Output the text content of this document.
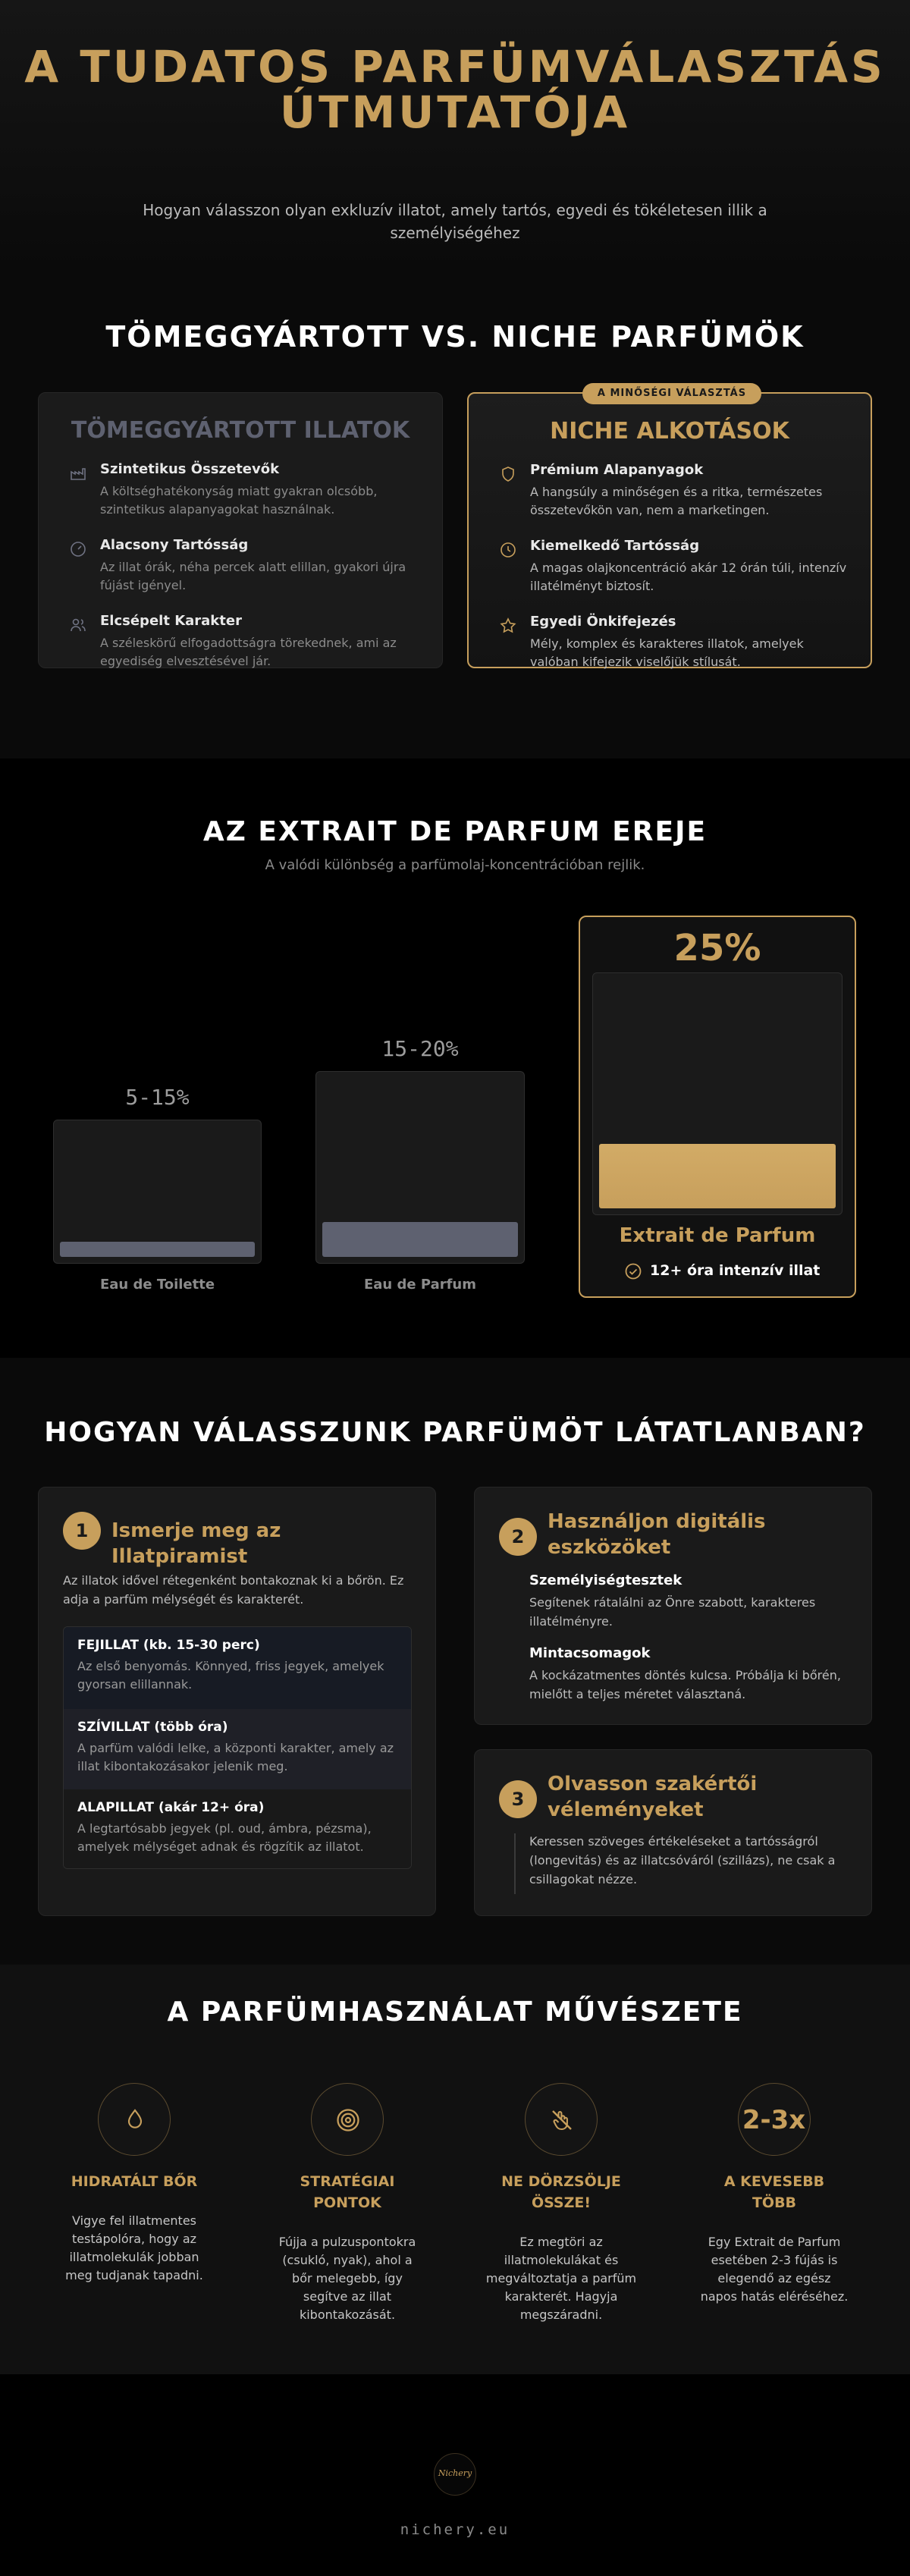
A TUDATOS PARFÜMVÁLASZTÁS ÚTMUTATÓJA
Hogyan válasszon olyan exkluzív illatot, amely tartós, egyedi és tökéletesen illik a személyiségéhez
TÖMEGGYÁRTOTT VS. NICHE PARFÜMÖK
TÖMEGGYÁRTOTT ILLATOK
Szintetikus Összetevők
A költséghatékonyság miatt gyakran olcsóbb, szintetikus alapanyagokat használnak.
Alacsony Tartósság
Az illat órák, néha percek alatt elillan, gyakori újra fújást igényel.
Elcsépelt Karakter
A széleskörű elfogadottságra törekednek, ami az egyediség elvesztésével jár.
A MINŐSÉGI VÁLASZTÁS
NICHE ALKOTÁSOK
Prémium Alapanyagok
A hangsúly a minőségen és a ritka, természetes összetevőkön van, nem a marketingen.
Kiemelkedő Tartósság
A magas olajkoncentráció akár 12 órán túli, intenzív illatélményt biztosít.
Egyedi Önkifejezés
Mély, komplex és karakteres illatok, amelyek valóban kifejezik viselőjük stílusát.
AZ EXTRAIT DE PARFUM EREJE
A valódi különbség a parfümolaj-koncentrációban rejlik.
5-15%
Eau de Toilette
15-20%
Eau de Parfum
25%
Extrait de Parfum
12+ óra intenzív illat
HOGYAN VÁLASSZUNK PARFÜMÖT LÁTATLANBAN?
1	Ismerje meg az Illatpiramist
Az illatok idővel rétegenként bontakoznak ki a bőrön. Ez adja a parfüm mélységét és karakterét.
FEJILLAT (kb. 15-30 perc)
Az első benyomás. Könnyed, friss jegyek, amelyek gyorsan elillannak.
SZÍVILLAT (több óra)
A parfüm valódi lelke, a központi karakter, amely az illat kibontakozásakor jelenik meg.
ALAPILLAT (akár 12+ óra)
A legtartósabb jegyek (pl. oud, ámbra, pézsma), amelyek mélységet adnak és rögzítik az illatot.
2
Használjon digitális eszközöket
Személyiségtesztek
Segítenek rátalálni az Önre szabott, karakteres illatélményre.
Mintacsomagok
A kockázatmentes döntés kulcsa. Próbálja ki bőrén, mielőtt a teljes méretet választaná.
3
Olvasson szakértői véleményeket
Keressen szöveges értékeléseket a tartósságról (longevitás) és az illatcsóváról (szillázs), ne csak a csillagokat nézze.
A PARFÜMHASZNÁLAT MŰVÉSZETE
HIDRATÁLT BŐR
Vigye fel illatmentes testápolóra, hogy az illatmolekulák jobban meg tudjanak tapadni.
STRATÉGIAI PONTOK
Fújja a pulzuspontokra (csukló, nyak), ahol a bőr melegebb, így segítve az illat kibontakozását.
NE DÖRZSÖLJE ÖSSZE!
Ez megtöri az illatmolekulákat és megváltoztatja a parfüm karakterét. Hagyja megszáradni.
2-3x
A KEVESEBB TÖBB
Egy Extrait de Parfum esetében 2-3 fújás is elegendő az egész napos hatás eléréséhez.
Nichery
nichery.eu
